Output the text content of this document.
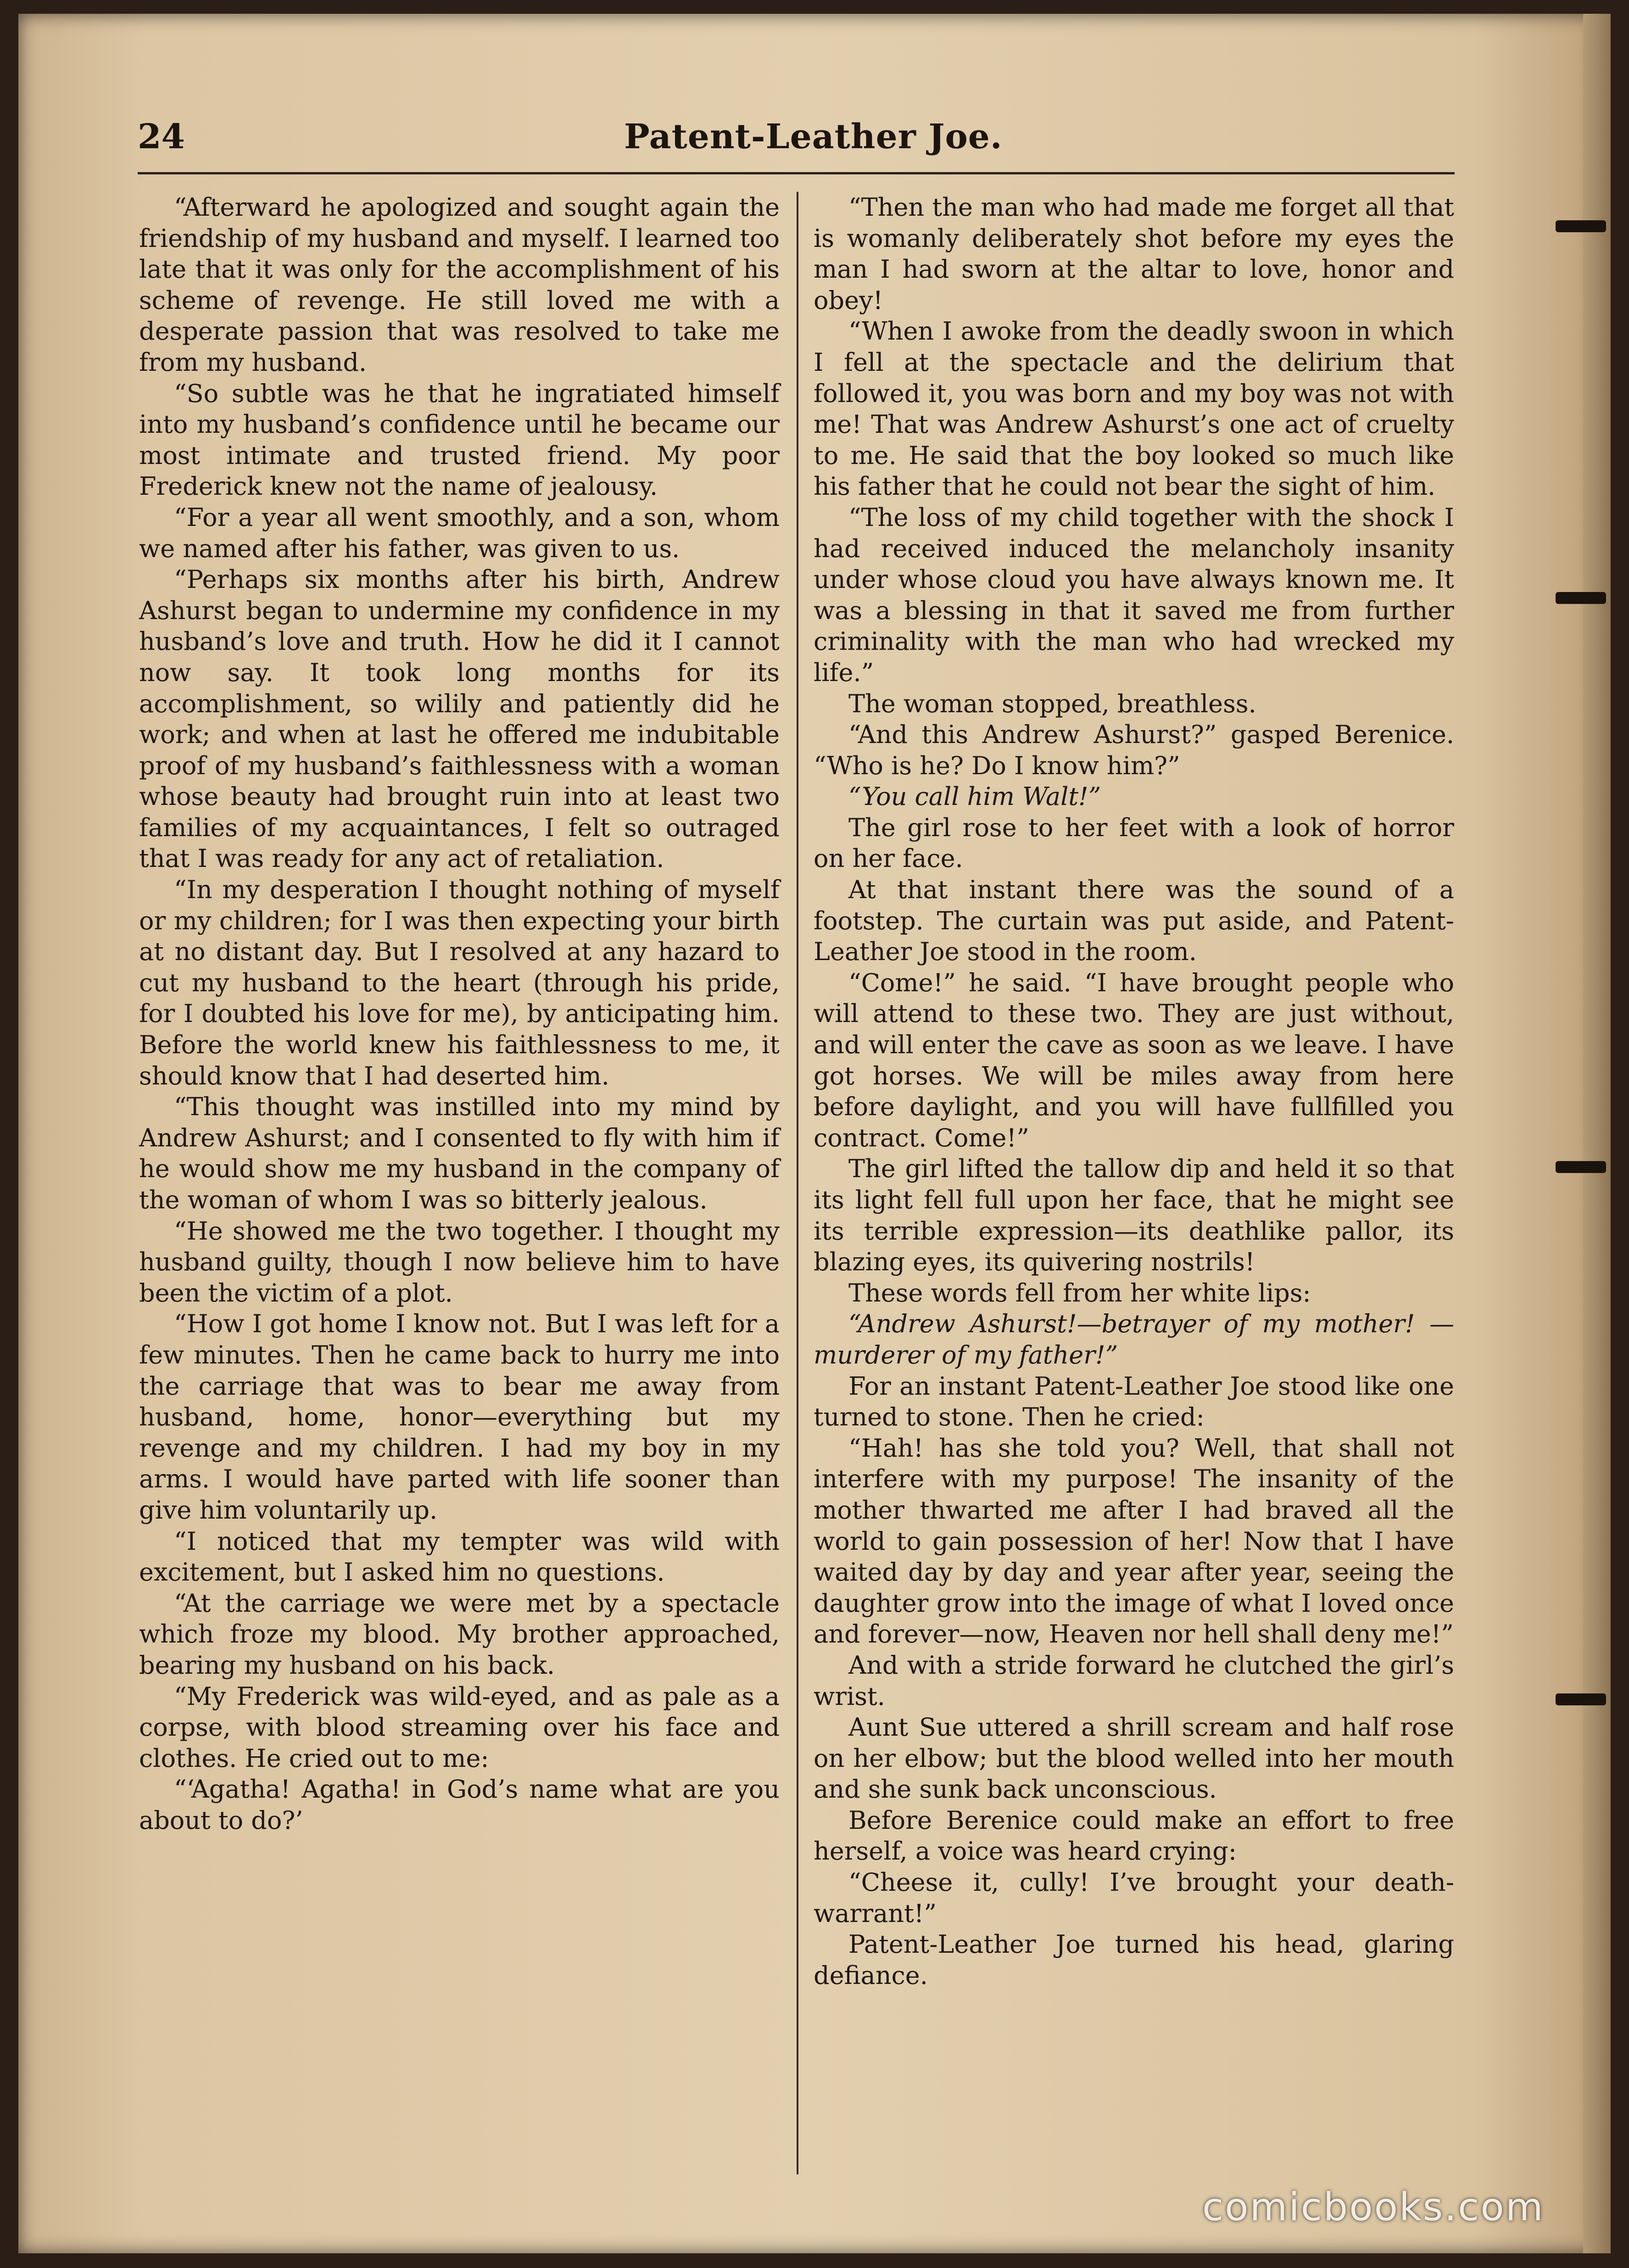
24	Patent-Leather Joe.

“Afterward he apologized and sought again the friendship of my husband and myself. I learned too late that it was only for the accomplishment of his scheme of revenge. He still loved me with a desperate passion that was resolved to take me from my husband.

“So subtle was he that he ingratiated himself into my husband’s confidence until he became our most intimate and trusted friend. My poor Frederick knew not the name of jealousy.

“For a year all went smoothly, and a son, whom we named after his father, was given to us.

“Perhaps six months after his birth, Andrew Ashurst began to undermine my confidence in my husband’s love and truth. How he did it I cannot now say. It took long months for its accomplishment, so wilily and patiently did he work; and when at last he offered me indubitable proof of my husband’s faithlessness with a woman whose beauty had brought ruin into at least two families of my acquaintances, I felt so outraged that I was ready for any act of retaliation.

“In my desperation I thought nothing of myself or my children; for I was then expecting your birth at no distant day. But I resolved at any hazard to cut my husband to the heart (through his pride, for I doubted his love for me), by anticipating him. Before the world knew his faithlessness to me, it should know that I had deserted him.

“This thought was instilled into my mind by Andrew Ashurst; and I consented to fly with him if he would show me my husband in the company of the woman of whom I was so bitterly jealous.

“He showed me the two together. I thought my husband guilty, though I now believe him to have been the victim of a plot.

“How I got home I know not. But I was left for a few minutes. Then he came back to hurry me into the carriage that was to bear me away from husband, home, honor—everything but my revenge and my children. I had my boy in my arms. I would have parted with life sooner than give him voluntarily up.

“I noticed that my tempter was wild with excitement, but I asked him no questions.

“At the carriage we were met by a spectacle which froze my blood. My brother approached, bearing my husband on his back.

“My Frederick was wild-eyed, and as pale as a corpse, with blood streaming over his face and clothes. He cried out to me:

“‘Agatha! Agatha! in God’s name what are you about to do?’

“Then the man who had made me forget all that is womanly deliberately shot before my eyes the man I had sworn at the altar to love, honor and obey!

“When I awoke from the deadly swoon in which I fell at the spectacle and the delirium that followed it, you was born and my boy was not with me! That was Andrew Ashurst’s one act of cruelty to me. He said that the boy looked so much like his father that he could not bear the sight of him.

“The loss of my child together with the shock I had received induced the melancholy insanity under whose cloud you have always known me. It was a blessing in that it saved me from further criminality with the man who had wrecked my life.”

The woman stopped, breathless.

“And this Andrew Ashurst?” gasped Berenice. “Who is he? Do I know him?”

“You call him Walt!”

The girl rose to her feet with a look of horror on her face.

At that instant there was the sound of a footstep. The curtain was put aside, and Patent-Leather Joe stood in the room.

“Come!” he said. “I have brought people who will attend to these two. They are just without, and will enter the cave as soon as we leave. I have got horses. We will be miles away from here before daylight, and you will have fullfilled you contract. Come!”

The girl lifted the tallow dip and held it so that its light fell full upon her face, that he might see its terrible expression—its deathlike pallor, its blazing eyes, its quivering nostrils!

These words fell from her white lips:

“Andrew Ashurst!—betrayer of my mother! —murderer of my father!”

For an instant Patent-Leather Joe stood like one turned to stone. Then he cried:

“Hah! has she told you? Well, that shall not interfere with my purpose! The insanity of the mother thwarted me after I had braved all the world to gain possession of her! Now that I have waited day by day and year after year, seeing the daughter grow into the image of what I loved once and forever—now, Heaven nor hell shall deny me!”

And with a stride forward he clutched the girl’s wrist.

Aunt Sue uttered a shrill scream and half rose on her elbow; but the blood welled into her mouth and she sunk back unconscious.

Before Berenice could make an effort to free herself, a voice was heard crying:

“Cheese it, cully! I’ve brought your death-warrant!”

Patent-Leather Joe turned his head, glaring defiance.

comicbooks.com
